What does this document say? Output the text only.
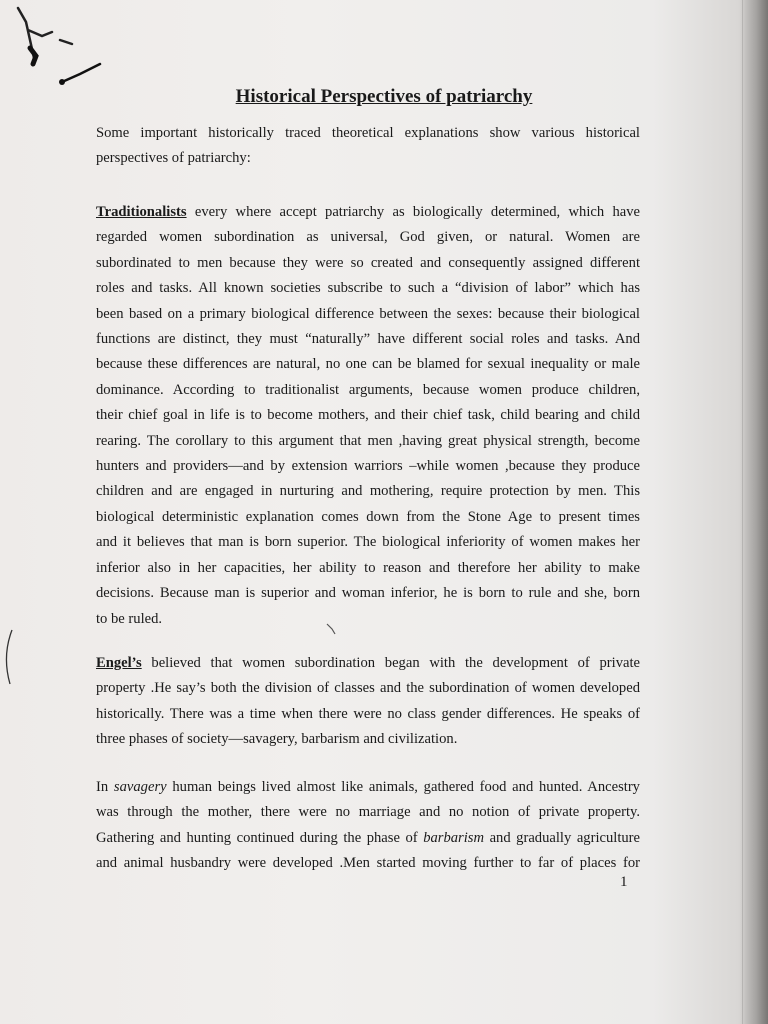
Historical Perspectives of patriarchy
Some important historically traced theoretical explanations show various historical
perspectives of patriarchy:
Traditionalists every where accept patriarchy as biologically determined, which have
regarded women subordination as universal, God given, or natural. Women are
subordinated to men because they were so created and consequently assigned different
roles and tasks. All known societies subscribe to such a “division of labor” which has
been based on a primary biological difference between the sexes: because their biological
functions are distinct, they must “naturally” have different social roles and tasks. And
because these differences are natural, no one can be blamed for sexual inequality or male
dominance. According to traditionalist arguments, because women produce children,
their chief goal in life is to become mothers, and their chief task, child bearing and child
rearing. The corollary to this argument that men ,having great physical strength, become
hunters and providers—and by extension warriors –while women ,because they produce
children and are engaged in nurturing and mothering, require protection by men. This
biological deterministic explanation comes down from the Stone Age to present times
and it believes that man is born superior. The biological inferiority of women makes her
inferior also in her capacities, her ability to reason and therefore her ability to make
decisions. Because man is superior and woman inferior, he is born to rule and she, born
to be ruled.
Engel’s believed that women subordination began with the development of private
property .He say’s both the division of classes and the subordination of women developed
historically. There was a time when there were no class gender differences. He speaks of
three phases of society—savagery, barbarism and civilization.
In savagery human beings lived almost like animals, gathered food and hunted. Ancestry
was through the mother, there were no marriage and no notion of private property.
Gathering and hunting continued during the phase of barbarism and gradually agriculture
and animal husbandry were developed .Men started moving further to far of places for
1
